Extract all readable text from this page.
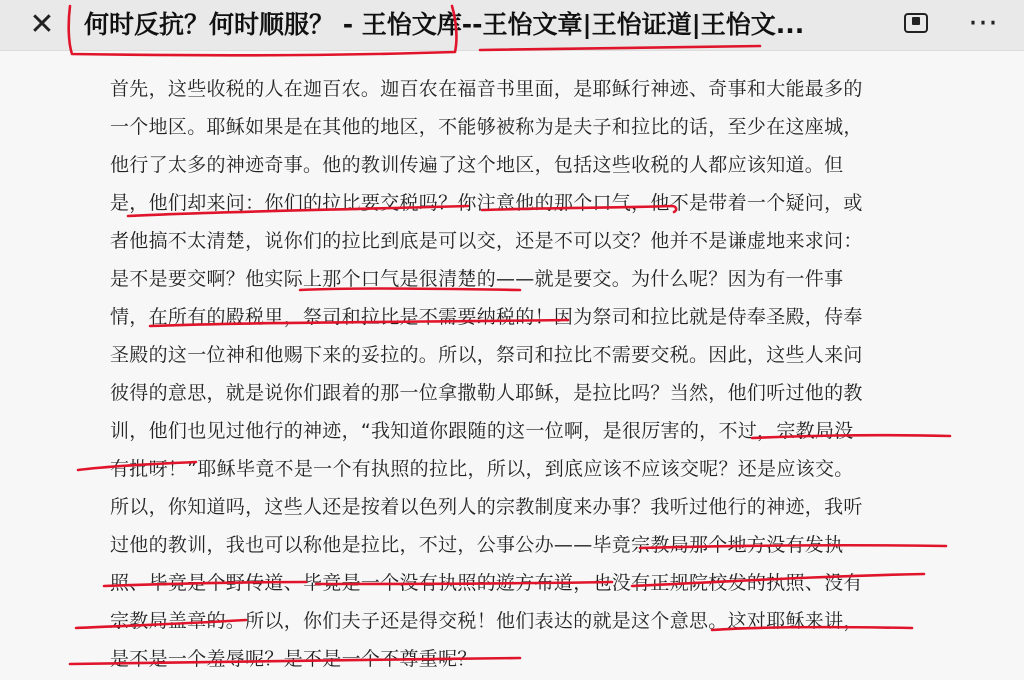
✕ 何时反抗？何时顺服？ - 王怡文库--王怡文章|王怡证道|王怡文...	⋯
首先，这些收税的人在迦百农。迦百农在福音书里面，是耶稣行神迹、奇事和大能最多的
一个地区。耶稣如果是在其他的地区，不能够被称为是夫子和拉比的话，至少在这座城，
他行了太多的神迹奇事。他的教训传遍了这个地区，包括这些收税的人都应该知道。但
是，他们却来问：你们的拉比要交税吗？你注意他的那个口气，他不是带着一个疑问，或
者他搞不太清楚，说你们的拉比到底是可以交，还是不可以交？他并不是谦虚地来求问：
是不是要交啊？他实际上那个口气是很清楚的——就是要交。为什么呢？因为有一件事
情，在所有的殿税里，祭司和拉比是不需要纳税的！因为祭司和拉比就是侍奉圣殿，侍奉
圣殿的这一位神和他赐下来的妥拉的。所以，祭司和拉比不需要交税。因此，这些人来问
彼得的意思，就是说你们跟着的那一位拿撒勒人耶稣，是拉比吗？当然，他们听过他的教
训，他们也见过他行的神迹，“我知道你跟随的这一位啊，是很厉害的，不过，宗教局没
有批呀！”耶稣毕竟不是一个有执照的拉比，所以，到底应该不应该交呢？还是应该交。
所以，你知道吗，这些人还是按着以色列人的宗教制度来办事？我听过他行的神迹，我听
过他的教训，我也可以称他是拉比，不过，公事公办——毕竟宗教局那个地方没有发执
照、毕竟是个野传道、毕竟是一个没有执照的遊方布道，也没有正规院校发的执照、没有
宗教局盖章的。所以，你们夫子还是得交税！他们表达的就是这个意思。这对耶稣来讲，
是不是一个羞辱呢？是不是一个不尊重呢？
